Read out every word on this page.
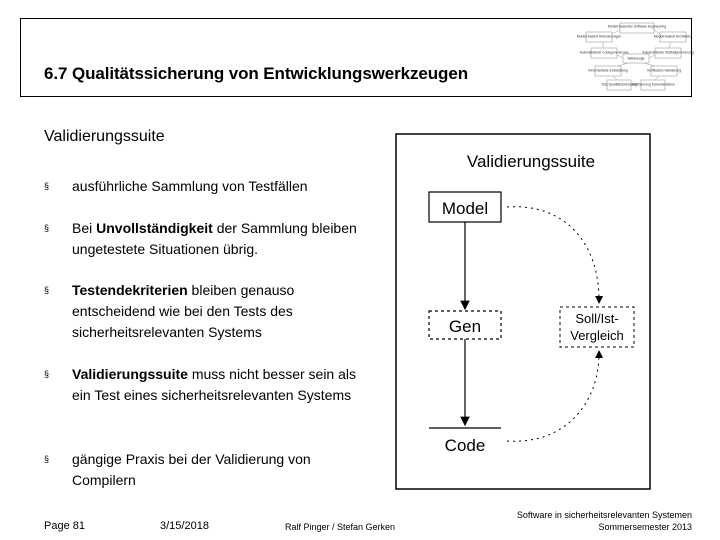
6.7 Qualitätssicherung von Entwicklungswerkzeugen
Modell-basiertes Software Engineering
Modell-basiert Anforderungen	Modell-basiert Architektur
Automatisierte Codegenerierung	Automatisierte Testfallgenerierung
Werkzeuge
Inkrementelle Entwicklung	Verifikation Validierung
Test Qualitätssicherung
Zertifizierung Dokumentation
Validierungssuite
§ ausführliche Sammlung von Testfällen
§ Bei Unvollständigkeit der Sammlung bleiben ungetestete Situationen übrig.
§ Testendekriterien bleiben genauso entscheidend wie bei den Tests des sicherheitsrelevanten Systems
§ Validierungssuite muss nicht besser sein als ein Test eines sicherheitsrelevanten Systems
§ gängige Praxis bei der Validierung von Compilern
Validierungssuite
Model
Gen
Code
Soll/Ist-
Vergleich
Page 81	3/15/2018	Ralf Pinger / Stefan Gerken
Software in sicherheitsrelevanten Systemen
Sommersemester 2013
